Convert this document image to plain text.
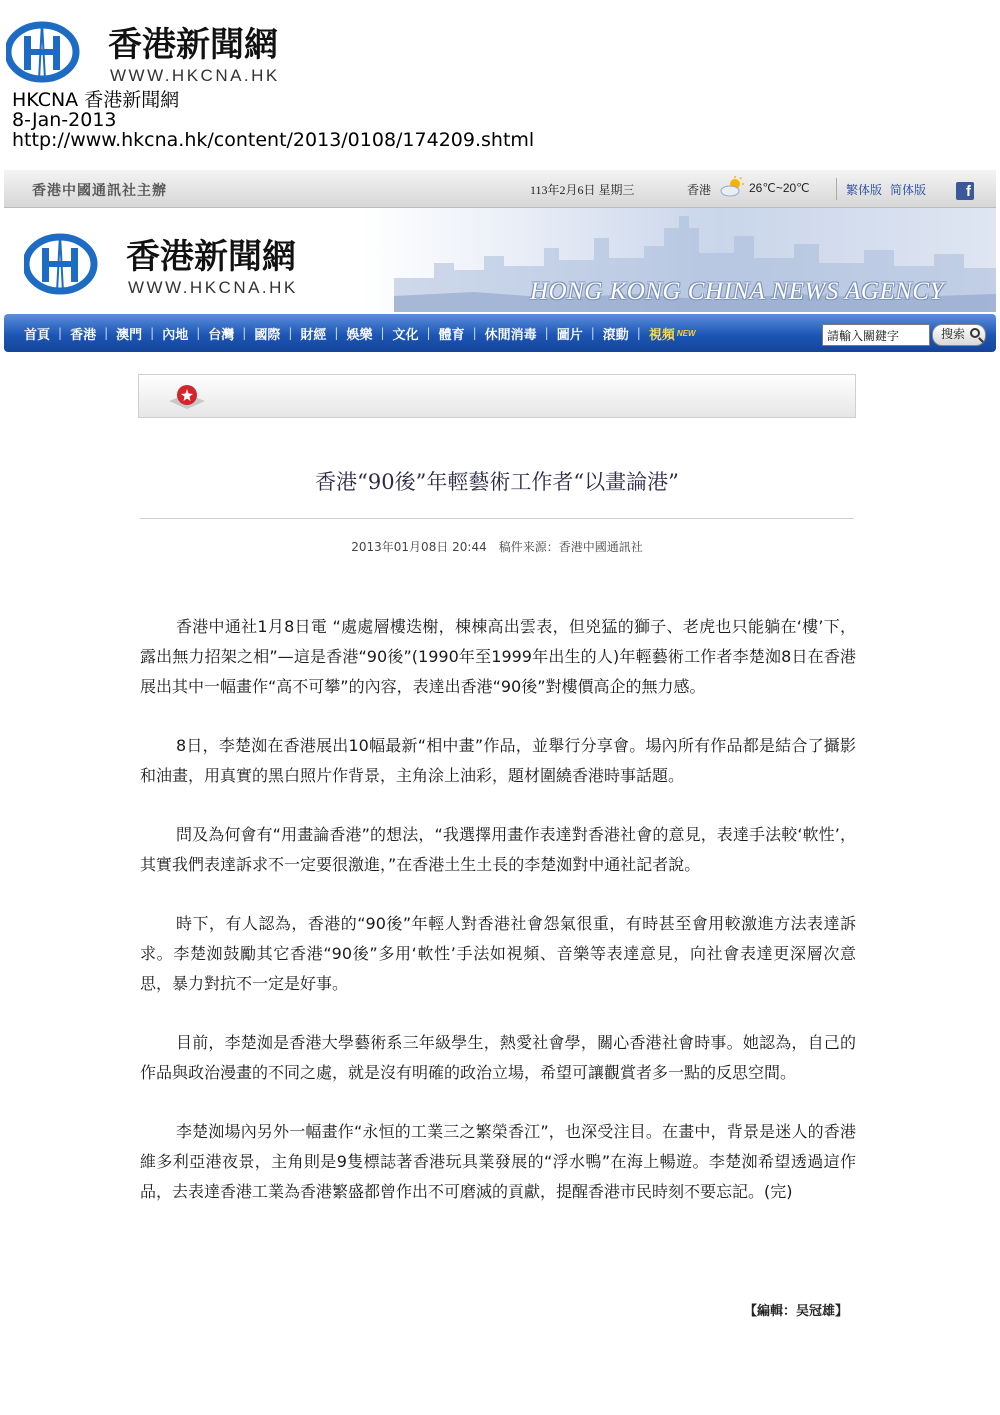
香港新聞網
WWW.HKCNA.HK
HKCNA 香港新聞網
8-Jan-2013
http://www.hkcna.hk/content/2013/0108/174209.shtml
香港中國通訊社主辦	113年2月6日 星期三	香港	26℃~20℃	繁体版 简体版	f
香港新聞網
WWW.HKCNA.HK	HONG KONG CHINA NEWS AGENCY
首頁 | 香港 | 澳門 | 內地 | 台灣 | 國際 | 財經 | 娛樂 | 文化 | 體育 | 休閒消毒 | 圖片 | 滾動 | 視頻 NEW
請輸入關鍵字	搜索
香港“90後”年輕藝術工作者“以畫論港”
2013年01月08日 20:44　稿件来源：香港中國通訊社

香港中通社1月8日電 “處處層樓迭榭，棟棟高出雲表，但兇猛的獅子、老虎也只能躺在‘樓’下，露出無力招架之相”—這是香港“90後”(1990年至1999年出生的人)年輕藝術工作者李楚洳8日在香港展出其中一幅畫作“高不可攀”的內容，表達出香港“90後”對樓價高企的無力感。

8日，李楚洳在香港展出10幅最新“相中畫”作品，並舉行分享會。場內所有作品都是結合了攝影和油畫，用真實的黑白照片作背景，主角涂上油彩，題材圍繞香港時事話題。

問及為何會有“用畫論香港”的想法，“我選擇用畫作表達對香港社會的意見，表達手法較‘軟性’，其實我們表達訴求不一定要很激進，”在香港土生土長的李楚洳對中通社記者說。

時下，有人認為，香港的“90後”年輕人對香港社會怨氣很重，有時甚至會用較激進方法表達訴求。李楚洳鼓勵其它香港“90後”多用‘軟性’手法如視頻、音樂等表達意見，向社會表達更深層次意思，暴力對抗不一定是好事。

目前，李楚洳是香港大學藝術系三年級學生，熱愛社會學，關心香港社會時事。她認為，自己的作品與政治漫畫的不同之處，就是沒有明確的政治立場，希望可讓觀賞者多一點的反思空間。

李楚洳場內另外一幅畫作“永恒的工業三之繁榮香江”，也深受注目。在畫中，背景是迷人的香港維多利亞港夜景，主角則是9隻標誌著香港玩具業發展的“浮水鴨”在海上暢遊。李楚洳希望透過這作品，去表達香港工業為香港繁盛都曾作出不可磨滅的貢獻，提醒香港市民時刻不要忘記。(完)

【編輯：吴冠雄】
